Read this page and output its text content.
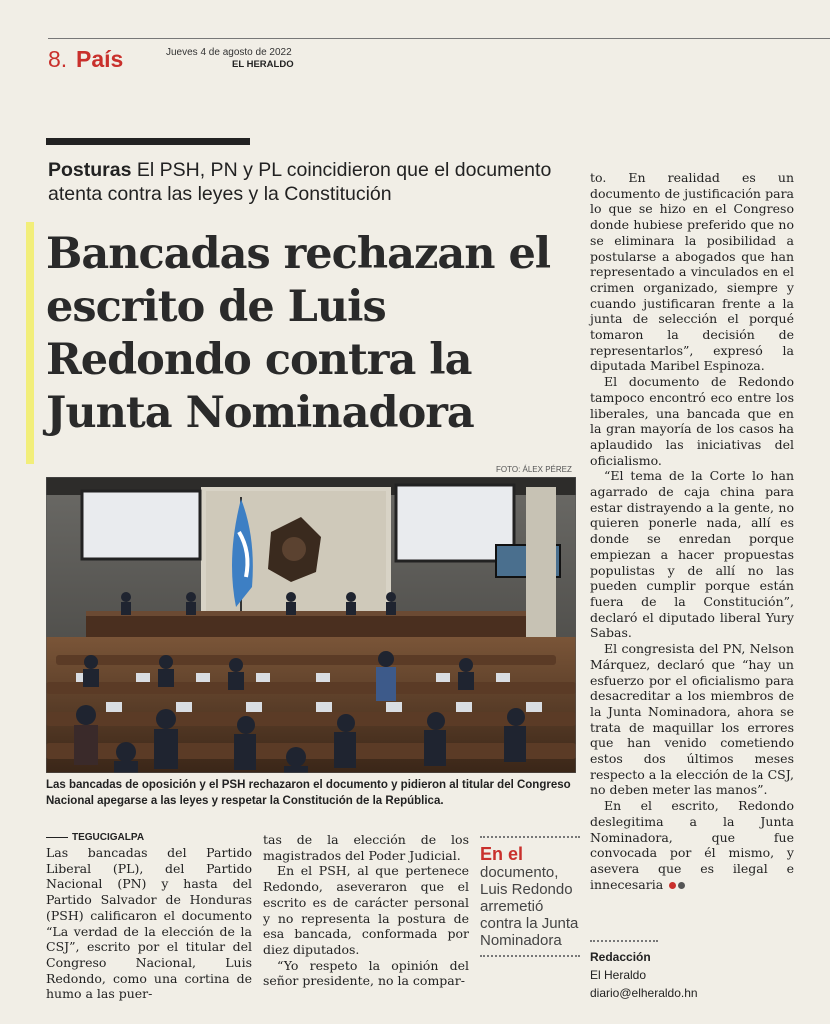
8. País	Jueves 4 de agosto de 2022
EL HERALDO
Posturas El PSH, PN y PL coincidieron que el documento atenta contra las leyes y la Constitución
Bancadas rechazan el escrito de Luis Redondo contra la Junta Nominadora
FOTO: ÁLEX PÉREZ
Las bancadas de oposición y el PSH rechazaron el documento y pidieron al titular del Congreso Nacional apegarse a las leyes y respetar la Constitución de la República.
TEGUCIGALPA

Las bancadas del Partido Liberal (PL), del Partido Nacional (PN) y hasta del Partido Salvador de Honduras (PSH) calificaron el documento “La verdad de la elección de la CSJ”, escrito por el titular del Congreso Nacional, Luis Redondo, como una cortina de humo a las puer-

tas de la elección de los magistrados del Poder Judicial.

En el PSH, al que pertenece Redondo, aseveraron que el escrito es de carácter personal y no representa la postura de esa bancada, conformada por diez diputados.

“Yo respeto la opinión del señor presidente, no la compar-

En el
documento, Luis Redondo arremetió contra la Junta Nominadora

to. En realidad es un documento de justificación para lo que se hizo en el Congreso donde hubiese preferido que no se eliminara la posibilidad a postularse a abogados que han representado a vinculados en el crimen organizado, siempre y cuando justificaran frente a la junta de selección el porqué tomaron la decisión de representarlos”, expresó la diputada Maribel Espinoza.

El documento de Redondo tampoco encontró eco entre los liberales, una bancada que en la gran mayoría de los casos ha aplaudido las iniciativas del oficialismo.

“El tema de la Corte lo han agarrado de caja china para estar distrayendo a la gente, no quieren ponerle nada, allí es donde se enredan porque empiezan a hacer propuestas populistas y de allí no las pueden cumplir porque están fuera de la Constitución”, declaró el diputado liberal Yury Sabas.

El congresista del PN, Nelson Márquez, declaró que “hay un esfuerzo por el oficialismo para desacreditar a los miembros de la Junta Nominadora, ahora se trata de maquillar los errores que han venido cometiendo estos dos últimos meses respecto a la elección de la CSJ, no deben meter las manos”.

En el escrito, Redondo deslegitima a la Junta Nominadora, que fue convocada por él mismo, y asevera que es ilegal e innecesaria

Redacción
El Heraldo
diario@elheraldo.hn
